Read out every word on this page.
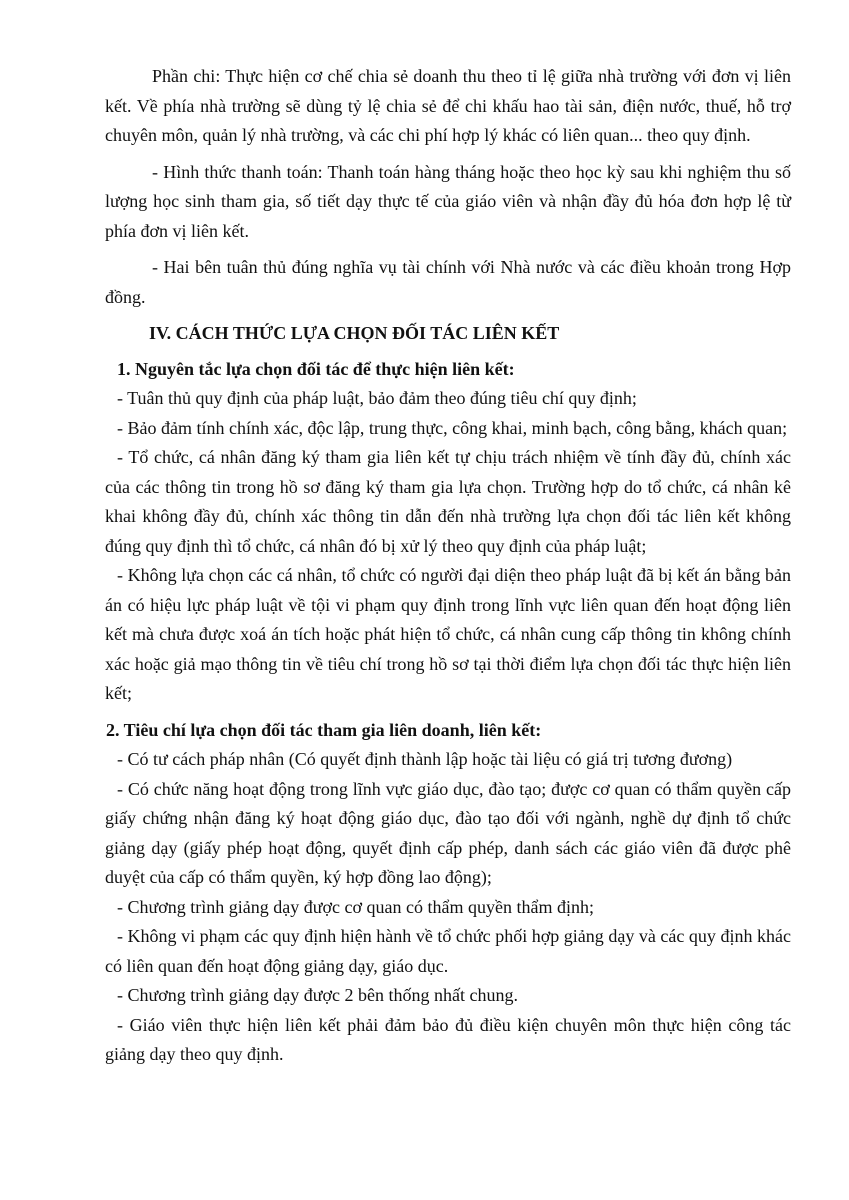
Phần chi: Thực hiện cơ chế chia sẻ doanh thu theo tỉ lệ giữa nhà trường với đơn vị liên kết. Về phía nhà trường sẽ dùng tỷ lệ chia sẻ để chi khấu hao tài sản, điện nước, thuế, hỗ trợ chuyên môn, quản lý nhà trường, và các chi phí hợp lý khác có liên quan... theo quy định.

- Hình thức thanh toán: Thanh toán hàng tháng hoặc theo học kỳ sau khi nghiệm thu số lượng học sinh tham gia, số tiết dạy thực tế của giáo viên và nhận đầy đủ hóa đơn hợp lệ từ phía đơn vị liên kết.

- Hai bên tuân thủ đúng nghĩa vụ tài chính với Nhà nước và các điều khoản trong Hợp đồng.

IV. CÁCH THỨC LỰA CHỌN ĐỐI TÁC LIÊN KẾT

1. Nguyên tắc lựa chọn đối tác để thực hiện liên kết:

- Tuân thủ quy định của pháp luật, bảo đảm theo đúng tiêu chí quy định;

- Bảo đảm tính chính xác, độc lập, trung thực, công khai, minh bạch, công bằng, khách quan;

- Tổ chức, cá nhân đăng ký tham gia liên kết tự chịu trách nhiệm về tính đầy đủ, chính xác của các thông tin trong hồ sơ đăng ký tham gia lựa chọn. Trường hợp do tổ chức, cá nhân kê khai không đầy đủ, chính xác thông tin dẫn đến nhà trường lựa chọn đối tác liên kết không đúng quy định thì tổ chức, cá nhân đó bị xử lý theo quy định của pháp luật;

- Không lựa chọn các cá nhân, tổ chức có người đại diện theo pháp luật đã bị kết án bằng bản án có hiệu lực pháp luật về tội vi phạm quy định trong lĩnh vực liên quan đến hoạt động liên kết mà chưa được xoá án tích hoặc phát hiện tổ chức, cá nhân cung cấp thông tin không chính xác hoặc giả mạo thông tin về tiêu chí trong hồ sơ tại thời điểm lựa chọn đối tác thực hiện liên kết;

2. Tiêu chí lựa chọn đối tác tham gia liên doanh, liên kết:

- Có tư cách pháp nhân (Có quyết định thành lập hoặc tài liệu có giá trị tương đương)

- Có chức năng hoạt động trong lĩnh vực giáo dục, đào tạo; được cơ quan có thẩm quyền cấp giấy chứng nhận đăng ký hoạt động giáo dục, đào tạo đối với ngành, nghề dự định tổ chức giảng dạy (giấy phép hoạt động, quyết định cấp phép, danh sách các giáo viên đã được phê duyệt của cấp có thẩm quyền, ký hợp đồng lao động);

- Chương trình giảng dạy được cơ quan có thẩm quyền thẩm định;

- Không vi phạm các quy định hiện hành về tổ chức phối hợp giảng dạy và các quy định khác có liên quan đến hoạt động giảng dạy, giáo dục.

- Chương trình giảng dạy được 2 bên thống nhất chung.

- Giáo viên thực hiện liên kết phải đảm bảo đủ điều kiện chuyên môn thực hiện công tác giảng dạy theo quy định.
